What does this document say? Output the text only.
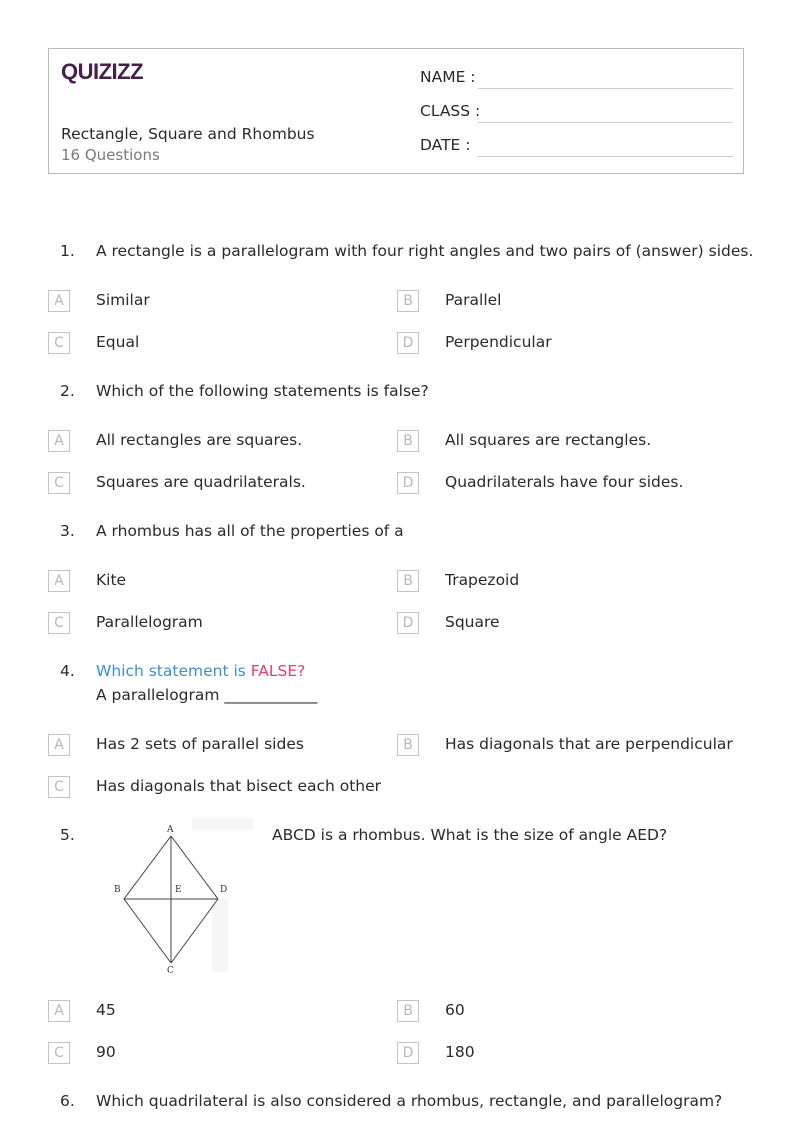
QUIZIZZ
Rectangle, Square and Rhombus
16 Questions
NAME :
CLASS :
DATE :
1. A rectangle is a parallelogram with four right angles and two pairs of (answer) sides.
A	Similar	B	Parallel
C	Equal	D	Perpendicular
2. Which of the following statements is false?
A	All rectangles are squares.	B	All squares are rectangles.
C	Squares are quadrilaterals.	D	Quadrilaterals have four sides.
3. A rhombus has all of the properties of a
A	Kite	B	Trapezoid
C	Parallelogram	D	Square
4. Which statement is FALSE?
A parallelogram ____________
A	Has 2 sets of parallel sides	B	Has diagonals that are perpendicular
C	Has diagonals that bisect each other
5.	A
B	E	D
C
ABCD is a rhombus. What is the size of angle AED?
A	45	B	60
C	90	D	180
6. Which quadrilateral is also considered a rhombus, rectangle, and parallelogram?
